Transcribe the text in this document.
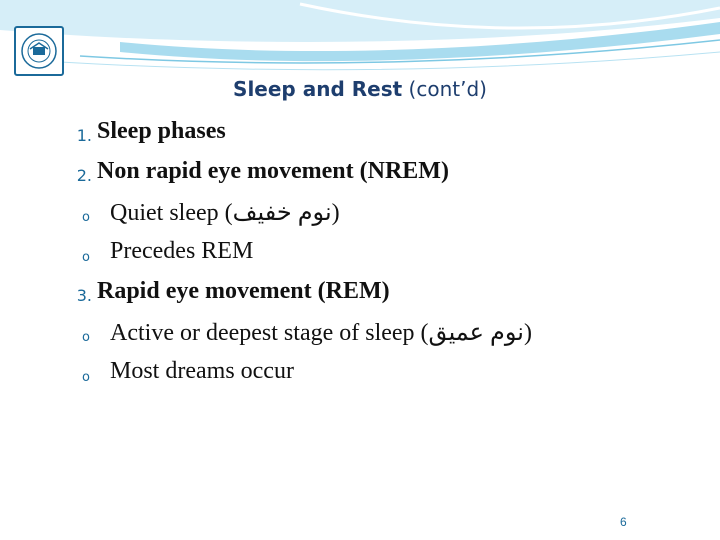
Sleep and Rest (cont’d)
1. Sleep phases
2. Non rapid eye movement (NREM)
o Quiet sleep (نوم خفيف)
o Precedes REM
3. Rapid eye movement (REM)
o Active or deepest stage of sleep (نوم عميق)
o Most dreams occur
6
